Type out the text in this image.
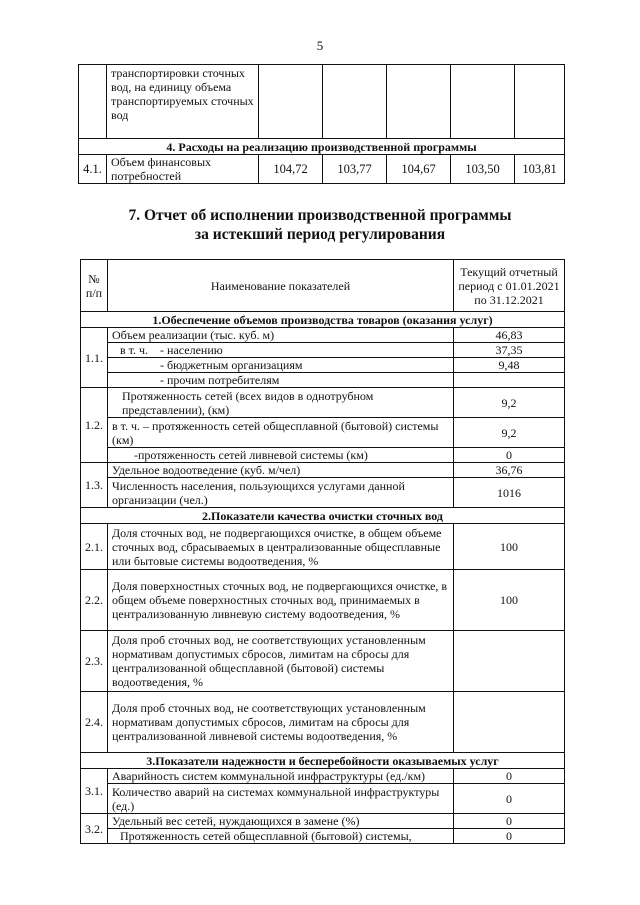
5
	транспортировки сточных вод, на единицу объема транспортируемых сточных вод					
4. Расходы на реализацию производственной программы						
4.1.	Объем финансовых потребностей	104,72	103,77	104,67	103,50	103,81
7. Отчет об исполнении производственной программы
за истекший период регулирования
№ п/п	Наименование показателей	Текущий отчетный период с 01.01.2021 по 31.12.2021
1.Обеспечение объемов производства товаров (оказания услуг)		
1.1.	Объем реализации (тыс. куб. м)	46,83
	в т. ч.    - населению	37,35
	- бюджетным организациям	9,48
	- прочим потребителям	
1.2.	Протяженность сетей (всех видов в однотрубном представлении), (км)	9,2
	в т. ч. – протяженность сетей общесплавной (бытовой) системы (км)	9,2
	-протяженность сетей ливневой системы (км)	0
1.3.	Удельное водоотведение (куб. м/чел)	36,76
	Численность населения, пользующихся услугами данной организации (чел.)	1016
2.Показатели качества очистки сточных вод		
2.1.	Доля сточных вод, не подвергающихся очистке, в общем объеме сточных вод, сбрасываемых в централизованные общесплавные или бытовые системы водоотведения, %	100
2.2.	Доля поверхностных сточных вод, не подвергающихся очистке, в общем объеме поверхностных сточных вод, принимаемых в централизованную ливневую систему водоотведения, %	100
2.3.	Доля проб сточных вод, не соответствующих установленным нормативам допустимых сбросов, лимитам на сбросы для централизованной общесплавной (бытовой) системы водоотведения, %	
2.4.	Доля проб сточных вод, не соответствующих установленным нормативам допустимых сбросов, лимитам на сбросы для централизованной ливневой системы водоотведения, %	
3.Показатели надежности и бесперебойности оказываемых услуг		
3.1.	Аварийность систем коммунальной инфраструктуры (ед./км)	0
	Количество аварий на системах коммунальной инфраструктуры (ед.)	0
3.2.	Удельный вес сетей, нуждающихся в замене (%)	0
	Протяженность сетей общесплавной (бытовой) системы,	0
